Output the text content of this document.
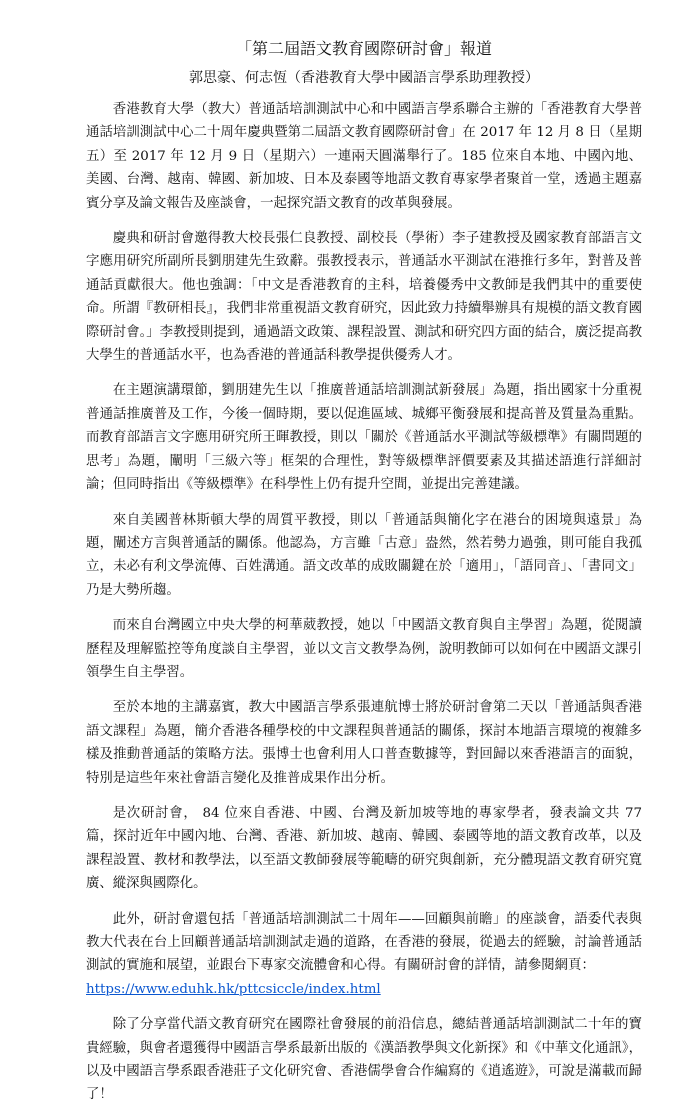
「第二屆語文教育國際研討會」報道
郭思豪、何志恆（香港教育大學中國語言學系助理教授）

香港教育大學（教大）普通話培訓測試中心和中國語言學系聯合主辦的「香港教育大學普通話培訓測試中心二十周年慶典暨第二屆語文教育國際研討會」在 2017 年 12 月 8 日（星期五）至 2017 年 12 月 9 日（星期六）一連兩天圓滿舉行了。185 位來自本地、中國內地、美國、台灣、越南、韓國、新加坡、日本及泰國等地語文教育專家學者聚首一堂，透過主題嘉賓分享及論文報告及座談會，一起探究語文教育的改革與發展。

慶典和研討會邀得教大校長張仁良教授、副校長（學術）李子建教授及國家教育部語言文字應用研究所副所長劉朋建先生致辭。張教授表示，普通話水平測試在港推行多年，對普及普通話貢獻很大。他也強調：「中文是香港教育的主科，培養優秀中文教師是我們其中的重要使命。所謂『教研相長』，我們非常重視語文教育研究，因此致力持續舉辦具有規模的語文教育國際研討會。」李教授則提到，通過語文政策、課程設置、測試和研究四方面的結合，廣泛提高教大學生的普通話水平，也為香港的普通話科教學提供優秀人才。

在主題演講環節，劉朋建先生以「推廣普通話培訓測試新發展」為題，指出國家十分重視普通話推廣普及工作，今後一個時期，要以促進區域、城鄉平衡發展和提高普及質量為重點。而教育部語言文字應用研究所王暉教授，則以「關於《普通話水平測試等級標準》有關問題的思考」為題，闡明「三級六等」框架的合理性，對等級標準評價要素及其描述語進行詳細討論；但同時指出《等級標準》在科學性上仍有提升空間，並提出完善建議。

來自美國普林斯頓大學的周質平教授，則以「普通話與簡化字在港台的困境與遠景」為題，闡述方言與普通話的關係。他認為，方言雖「古意」盎然，然若勢力過強，則可能自我孤立，未必有利文學流傳、百姓溝通。語文改革的成敗關鍵在於「適用」，「語同音」、「書同文」乃是大勢所趨。

而來自台灣國立中央大學的柯華葳教授，她以「中國語文教育與自主學習」為題，從閱讀歷程及理解監控等角度談自主學習，並以文言文教學為例，說明教師可以如何在中國語文課引領學生自主學習。

至於本地的主講嘉賓，教大中國語言學系張連航博士將於研討會第二天以「普通話與香港語文課程」為題，簡介香港各種學校的中文課程與普通話的關係，探討本地語言環境的複雜多樣及推動普通話的策略方法。張博士也會利用人口普查數據等，對回歸以來香港語言的面貌，特別是這些年來社會語言變化及推普成果作出分析。

是次研討會， 84 位來自香港、中國、台灣及新加坡等地的專家學者，發表論文共 77 篇，探討近年中國內地、台灣、香港、新加坡、越南、韓國、泰國等地的語文教育改革，以及課程設置、教材和教學法，以至語文教師發展等範疇的研究與創新，充分體現語文教育研究寬廣、縱深與國際化。

此外，研討會還包括「普通話培訓測試二十周年——回顧與前瞻」的座談會，語委代表與教大代表在台上回顧普通話培訓測試走過的道路，在香港的發展，從過去的經驗，討論普通話測試的實施和展望，並跟台下專家交流體會和心得。有關研討會的詳情，請參閱網頁：
https://www.eduhk.hk/pttcsiccle/index.html

除了分享當代語文教育研究在國際社會發展的前沿信息，總結普通話培訓測試二十年的寶貴經驗，與會者還獲得中國語言學系最新出版的《漢語教學與文化新探》和《中華文化通訊》，以及中國語言學系跟香港莊子文化研究會、香港儒學會合作編寫的《逍遙遊》，可說是滿載而歸了！
